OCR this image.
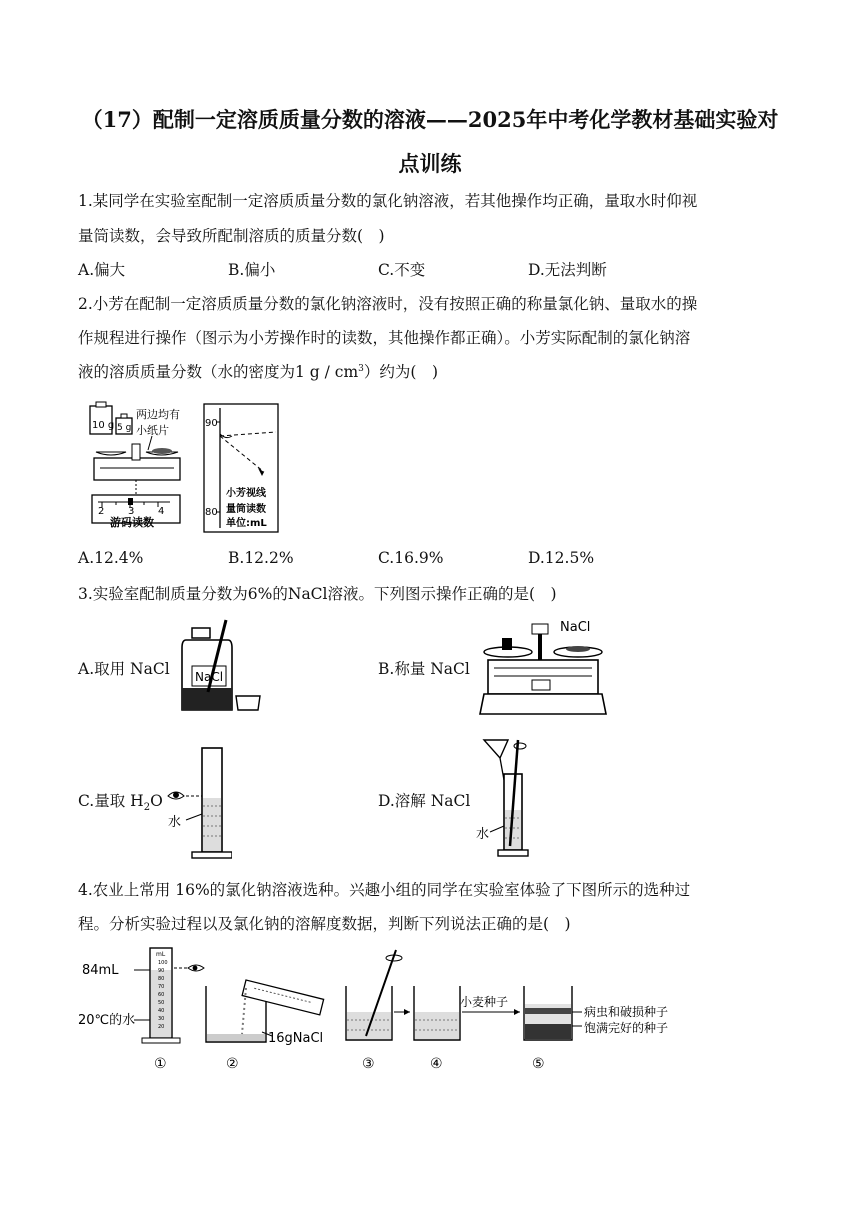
（17）配制一定溶质质量分数的溶液——2025年中考化学教材基础实验对
点训练
1.某同学在实验室配制一定溶质质量分数的氯化钠溶液，若其他操作均正确，量取水时仰视
量筒读数，会导致所配制溶质的质量分数(　)
A.偏大	B.偏小	C.不变	D.无法判断
2.小芳在配制一定溶质质量分数的氯化钠溶液时，没有按照正确的称量氯化钠、量取水的操
作规程进行操作（图示为小芳操作时的读数，其他操作都正确）。小芳实际配制的氯化钠溶
液的溶质质量分数（水的密度为1 g / $cm^3$）约为(　)
10 g 5 g
两边均有
小纸片
2 3 4
游码读数
90
80
小芳视线
量筒读数
单位:mL
A.12.4%	B.12.2%	C.16.9%	D.12.5%
3.实验室配制质量分数为6%的NaCl溶液。下列图示操作正确的是(　)
A.取用 NaCl NaCl	B.称量 NaCl
NaCl
C.量取 $H_2O$
水
D.溶解 NaCl
水
4.农业上常用 16%的氯化钠溶液选种。兴趣小组的同学在实验室体验了下图所示的选种过
程。分析实验过程以及氯化钠的溶解度数据，判断下列说法正确的是(　)
84mL
20℃的水
mL
100
90
80
70
60
50
40
30
20
16gNaCl
小麦种子
病虫和破损种子
饱满完好的种子
①	②	③	④	⑤
